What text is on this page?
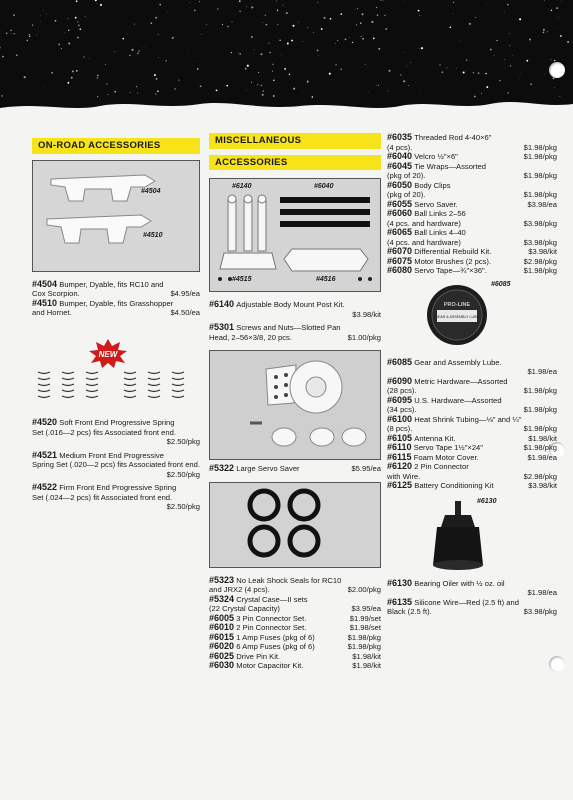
ON-ROAD ACCESSORIES
#4504
#4510
#4504 Bumper, Dyable, fits RC10 and
Cox Scorpion.	$4.95/ea
#4510 Bumper, Dyable, fits Grasshopper
and Hornet.	$4.50/ea
NEW
#4520 Soft Front End Progressive Spring
Set (.016—2 pcs) fits Associated front end.
$2.50/pkg
#4521 Medium Front End Progressive
Spring Set (.020—2 pcs) fits Associated front end.
$2.50/pkg
#4522 Firm Front End Progressive Spring
Set (.024—2 pcs) fit Associated front end.
$2.50/pkg
MISCELLANEOUS
ACCESSORIES
#6140	#6040
#4515	#4516
#6140 Adjustable Body Mount Post Kit.
$3.98/kit
#5301 Screws and Nuts—Slotted Pan
Head, 2–56×3/8, 20 pcs.	$1.00/pkg
#5322 Large Servo Saver	$5.95/ea
#5323 No Leak Shock Seals for RC10
and JRX2 (4 pcs).	$2.00/pkg
#5324 Crystal Case—II sets
(22 Crystal Capacity)	$3.95/ea
#6005 3 Pin Connector Set.	$1.99/set
#6010 2 Pin Connector Set.	$1.98/set
#6015 1 Amp Fuses (pkg of 6)	$1.98/pkg
#6020 6 Amp Fuses (pkg of 6)	$1.98/pkg
#6025 Drive Pin Kit.	$1.98/kit
#6030 Motor Capacitor Kit.	$1.98/kit
#6035 Threaded Rod 4-40×6"
(4 pcs).	$1.98/pkg
#6040 Velcro ½"×6"	$1.98/pkg
#6045 Tie Wraps—Assorted
(pkg of 20).	$1.98/pkg
#6050 Body Clips
(pkg of 20).	$1.98/pkg
#6055 Servo Saver.	$3.98/ea
#6060 Ball Links 2–56
(4 pcs. and hardware)	$3.98/pkg
#6065 Ball Links 4–40
(4 pcs. and hardware)	$3.98/pkg
#6070 Differential Rebuild Kit.	$3.98/kit
#6075 Motor Brushes (2 pcs).	$2.98/pkg
#6080 Servo Tape—¾"×36".	$1.98/pkg
PRO-LINE
GEAR & ASSEMBLY LUBE
#6085
#6085 Gear and Assembly Lube.
$1.98/ea
#6090 Metric Hardware—Assorted
(28 pcs).	$1.98/pkg
#6095 U.S. Hardware—Assorted
(34 pcs).	$1.98/pkg
#6100 Heat Shrink Tubing—⅛" and ¼"
(8 pcs).	$1.98/pkg
#6105 Antenna Kit.	$1.98/kit
#6110 Servo Tape 1½"×24"	$1.98/pkg
#6115 Foam Motor Cover.	$1.98/ea
#6120 2 Pin Connector
with Wire.	$2.98/pkg
#6125 Battery Conditioning Kit	$3.98/kit
#6130
#6130 Bearing Oiler with ½ oz. oil
$1.98/ea
#6135 Silicone Wire—Red (2.5 ft) and
Black (2.5 ft).	$3.98/pkg
